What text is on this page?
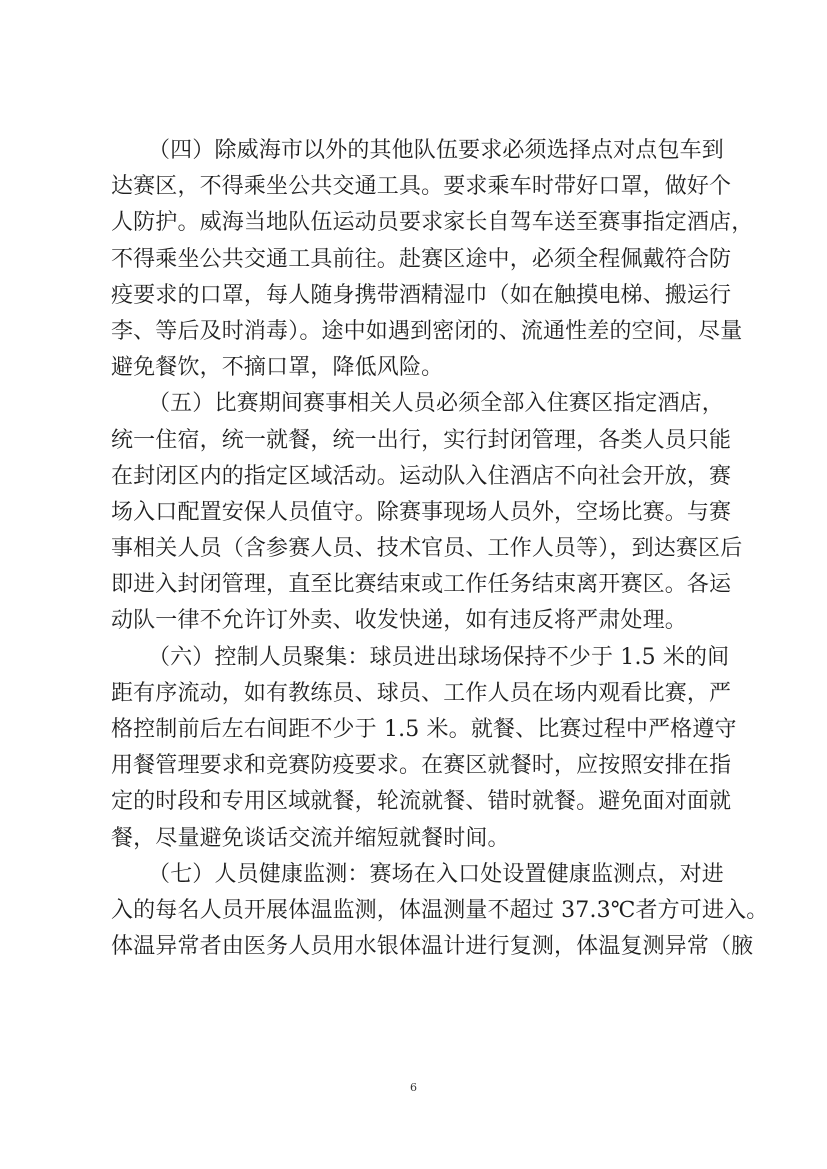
（四）除威海市以外的其他队伍要求必须选择点对点包车到
达赛区，不得乘坐公共交通工具。要求乘车时带好口罩，做好个
人防护。威海当地队伍运动员要求家长自驾车送至赛事指定酒店，
不得乘坐公共交通工具前往。赴赛区途中，必须全程佩戴符合防
疫要求的口罩，每人随身携带酒精湿巾（如在触摸电梯、搬运行
李、等后及时消毒）。途中如遇到密闭的、流通性差的空间，尽量
避免餐饮，不摘口罩，降低风险。
（五）比赛期间赛事相关人员必须全部入住赛区指定酒店，
统一住宿，统一就餐，统一出行，实行封闭管理，各类人员只能
在封闭区内的指定区域活动。运动队入住酒店不向社会开放，赛
场入口配置安保人员值守。除赛事现场人员外，空场比赛。与赛
事相关人员（含参赛人员、技术官员、工作人员等），到达赛区后
即进入封闭管理，直至比赛结束或工作任务结束离开赛区。各运
动队一律不允许订外卖、收发快递，如有违反将严肃处理。
（六）控制人员聚集：球员进出球场保持不少于 1.5 米的间
距有序流动，如有教练员、球员、工作人员在场内观看比赛，严
格控制前后左右间距不少于 1.5 米。就餐、比赛过程中严格遵守
用餐管理要求和竞赛防疫要求。在赛区就餐时，应按照安排在指
定的时段和专用区域就餐，轮流就餐、错时就餐。避免面对面就
餐，尽量避免谈话交流并缩短就餐时间。
（七）人员健康监测：赛场在入口处设置健康监测点，对进
入的每名人员开展体温监测，体温测量不超过 37.3℃者方可进入。
体温异常者由医务人员用水银体温计进行复测，体温复测异常（腋
6
